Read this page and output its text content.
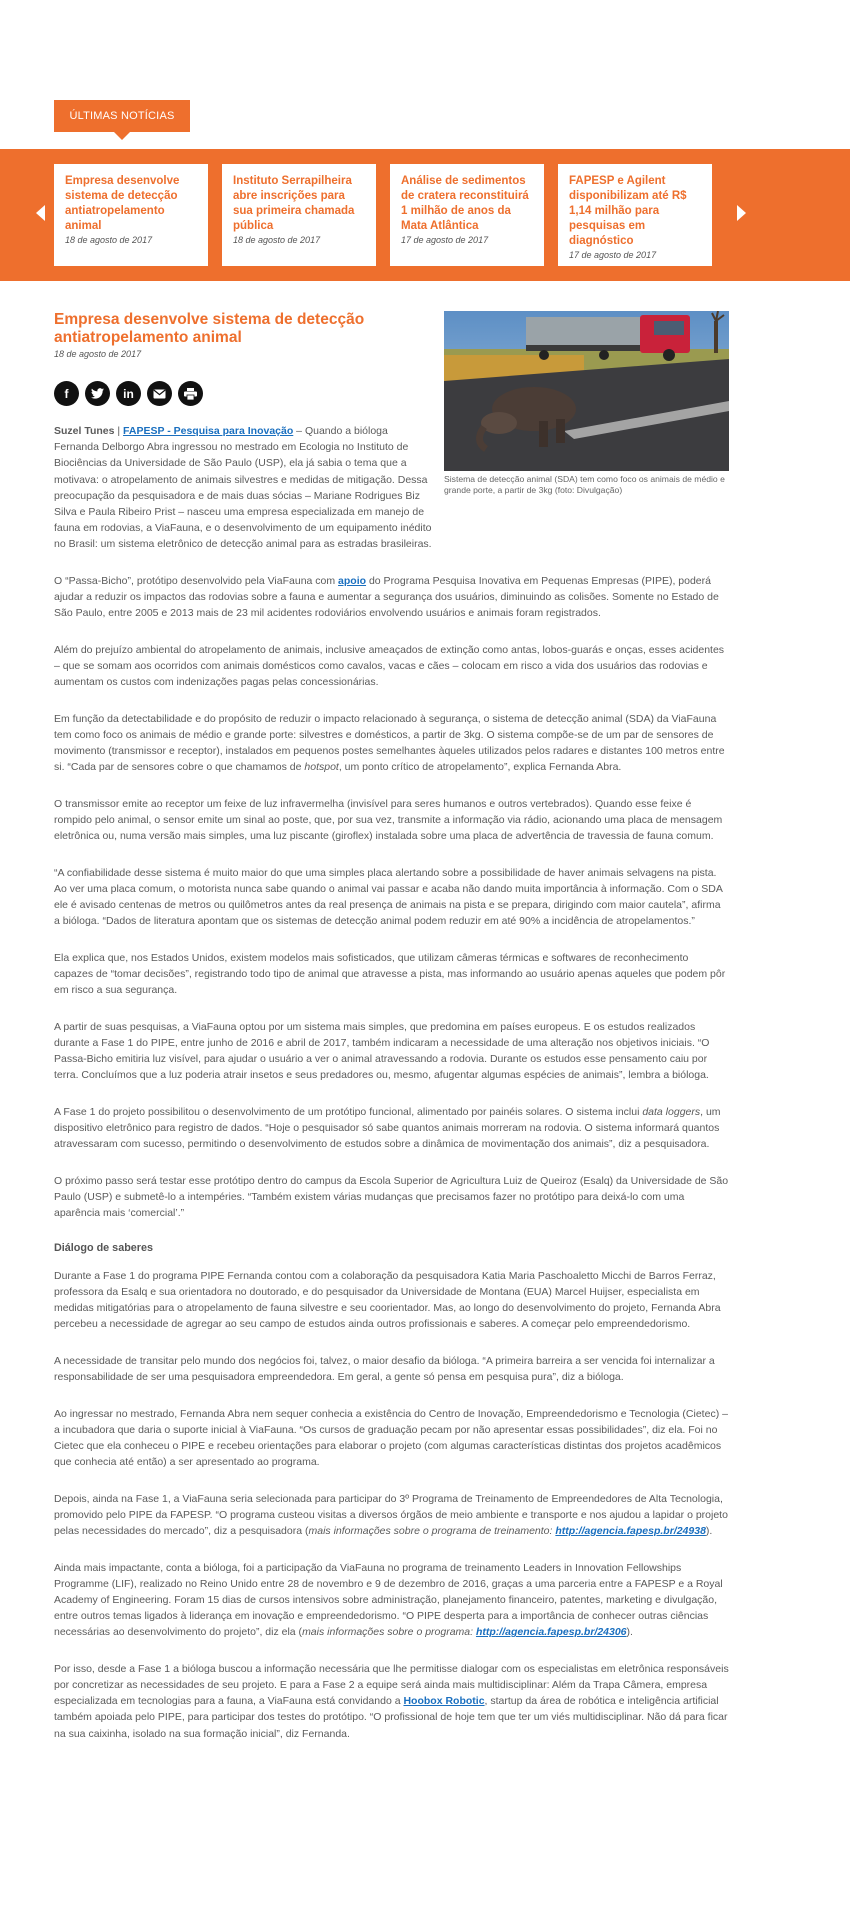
ÚLTIMAS NOTÍCIAS
Empresa desenvolve sistema de detecção antiatropelamento animal
18 de agosto de 2017
Instituto Serrapilheira abre inscrições para sua primeira chamada pública
18 de agosto de 2017
Análise de sedimentos de cratera reconstituirá 1 milhão de anos da Mata Atlântica
17 de agosto de 2017
FAPESP e Agilent disponibilizam até R$ 1,14 milhão para pesquisas em diagnóstico
17 de agosto de 2017
Empresa desenvolve sistema de detecção antiatropelamento animal
18 de agosto de 2017
f	in
Sistema de detecção animal (SDA) tem como foco os animais de médio e grande porte, a partir de 3kg (foto: Divulgação)

Suzel Tunes | FAPESP - Pesquisa para Inovação – Quando a bióloga Fernanda Delborgo Abra ingressou no mestrado em Ecologia no Instituto de Biociências da Universidade de São Paulo (USP), ela já sabia o tema que a motivava: o atropelamento de animais silvestres e medidas de mitigação. Dessa preocupação da pesquisadora e de mais duas sócias – Mariane Rodrigues Biz Silva e Paula Ribeiro Prist – nasceu uma empresa especializada em manejo de fauna em rodovias, a ViaFauna, e o desenvolvimento de um equipamento inédito no Brasil: um sistema eletrônico de detecção animal para as estradas brasileiras.

O “Passa-Bicho”, protótipo desenvolvido pela ViaFauna com apoio do Programa Pesquisa Inovativa em Pequenas Empresas (PIPE), poderá ajudar a reduzir os impactos das rodovias sobre a fauna e aumentar a segurança dos usuários, diminuindo as colisões. Somente no Estado de São Paulo, entre 2005 e 2013 mais de 23 mil acidentes rodoviários envolvendo usuários e animais foram registrados.

Além do prejuízo ambiental do atropelamento de animais, inclusive ameaçados de extinção como antas, lobos-guarás e onças, esses acidentes – que se somam aos ocorridos com animais domésticos como cavalos, vacas e cães – colocam em risco a vida dos usuários das rodovias e aumentam os custos com indenizações pagas pelas concessionárias.

Em função da detectabilidade e do propósito de reduzir o impacto relacionado à segurança, o sistema de detecção animal (SDA) da ViaFauna tem como foco os animais de médio e grande porte: silvestres e domésticos, a partir de 3kg. O sistema compõe-se de um par de sensores de movimento (transmissor e receptor), instalados em pequenos postes semelhantes àqueles utilizados pelos radares e distantes 100 metros entre si. “Cada par de sensores cobre o que chamamos de hotspot, um ponto crítico de atropelamento”, explica Fernanda Abra.

O transmissor emite ao receptor um feixe de luz infravermelha (invisível para seres humanos e outros vertebrados). Quando esse feixe é rompido pelo animal, o sensor emite um sinal ao poste, que, por sua vez, transmite a informação via rádio, acionando uma placa de mensagem eletrônica ou, numa versão mais simples, uma luz piscante (giroflex) instalada sobre uma placa de advertência de travessia de fauna comum.

“A confiabilidade desse sistema é muito maior do que uma simples placa alertando sobre a possibilidade de haver animais selvagens na pista. Ao ver uma placa comum, o motorista nunca sabe quando o animal vai passar e acaba não dando muita importância à informação. Com o SDA ele é avisado centenas de metros ou quilômetros antes da real presença de animais na pista e se prepara, dirigindo com maior cautela”, afirma a bióloga. “Dados de literatura apontam que os sistemas de detecção animal podem reduzir em até 90% a incidência de atropelamentos.”

Ela explica que, nos Estados Unidos, existem modelos mais sofisticados, que utilizam câmeras térmicas e softwares de reconhecimento capazes de “tomar decisões”, registrando todo tipo de animal que atravesse a pista, mas informando ao usuário apenas aqueles que podem pôr em risco a sua segurança.

A partir de suas pesquisas, a ViaFauna optou por um sistema mais simples, que predomina em países europeus. E os estudos realizados durante a Fase 1 do PIPE, entre junho de 2016 e abril de 2017, também indicaram a necessidade de uma alteração nos objetivos iniciais. “O Passa-Bicho emitiria luz visível, para ajudar o usuário a ver o animal atravessando a rodovia. Durante os estudos esse pensamento caiu por terra. Concluímos que a luz poderia atrair insetos e seus predadores ou, mesmo, afugentar algumas espécies de animais”, lembra a bióloga.

A Fase 1 do projeto possibilitou o desenvolvimento de um protótipo funcional, alimentado por painéis solares. O sistema inclui data loggers, um dispositivo eletrônico para registro de dados. “Hoje o pesquisador só sabe quantos animais morreram na rodovia. O sistema informará quantos atravessaram com sucesso, permitindo o desenvolvimento de estudos sobre a dinâmica de movimentação dos animais”, diz a pesquisadora.

O próximo passo será testar esse protótipo dentro do campus da Escola Superior de Agricultura Luiz de Queiroz (Esalq) da Universidade de São Paulo (USP) e submetê-lo a intempéries. “Também existem várias mudanças que precisamos fazer no protótipo para deixá-lo com uma aparência mais ‘comercial’.”

Diálogo de saberes

Durante a Fase 1 do programa PIPE Fernanda contou com a colaboração da pesquisadora Katia Maria Paschoaletto Micchi de Barros Ferraz, professora da Esalq e sua orientadora no doutorado, e do pesquisador da Universidade de Montana (EUA) Marcel Huijser, especialista em medidas mitigatórias para o atropelamento de fauna silvestre e seu coorientador. Mas, ao longo do desenvolvimento do projeto, Fernanda Abra percebeu a necessidade de agregar ao seu campo de estudos ainda outros profissionais e saberes. A começar pelo empreendedorismo.

A necessidade de transitar pelo mundo dos negócios foi, talvez, o maior desafio da bióloga. “A primeira barreira a ser vencida foi internalizar a responsabilidade de ser uma pesquisadora empreendedora. Em geral, a gente só pensa em pesquisa pura”, diz a bióloga.

Ao ingressar no mestrado, Fernanda Abra nem sequer conhecia a existência do Centro de Inovação, Empreendedorismo e Tecnologia (Cietec) – a incubadora que daria o suporte inicial à ViaFauna. “Os cursos de graduação pecam por não apresentar essas possibilidades”, diz ela. Foi no Cietec que ela conheceu o PIPE e recebeu orientações para elaborar o projeto (com algumas características distintas dos projetos acadêmicos que conhecia até então) a ser apresentado ao programa.

Depois, ainda na Fase 1, a ViaFauna seria selecionada para participar do 3º Programa de Treinamento de Empreendedores de Alta Tecnologia, promovido pelo PIPE da FAPESP. “O programa custeou visitas a diversos órgãos de meio ambiente e transporte e nos ajudou a lapidar o projeto pelas necessidades do mercado”, diz a pesquisadora (mais informações sobre o programa de treinamento: http://agencia.fapesp.br/24938).

Ainda mais impactante, conta a bióloga, foi a participação da ViaFauna no programa de treinamento Leaders in Innovation Fellowships Programme (LIF), realizado no Reino Unido entre 28 de novembro e 9 de dezembro de 2016, graças a uma parceria entre a FAPESP e a Royal Academy of Engineering. Foram 15 dias de cursos intensivos sobre administração, planejamento financeiro, patentes, marketing e divulgação, entre outros temas ligados à liderança em inovação e empreendedorismo. “O PIPE desperta para a importância de conhecer outras ciências necessárias ao desenvolvimento do projeto”, diz ela (mais informações sobre o programa: http://agencia.fapesp.br/24306).

Por isso, desde a Fase 1 a bióloga buscou a informação necessária que lhe permitisse dialogar com os especialistas em eletrônica responsáveis por concretizar as necessidades de seu projeto. E para a Fase 2 a equipe será ainda mais multidisciplinar: Além da Trapa Câmera, empresa especializada em tecnologias para a fauna, a ViaFauna está convidando a Hoobox Robotic, startup da área de robótica e inteligência artificial também apoiada pelo PIPE, para participar dos testes do protótipo. “O profissional de hoje tem que ter um viés multidisciplinar. Não dá para ficar na sua caixinha, isolado na sua formação inicial”, diz Fernanda.
